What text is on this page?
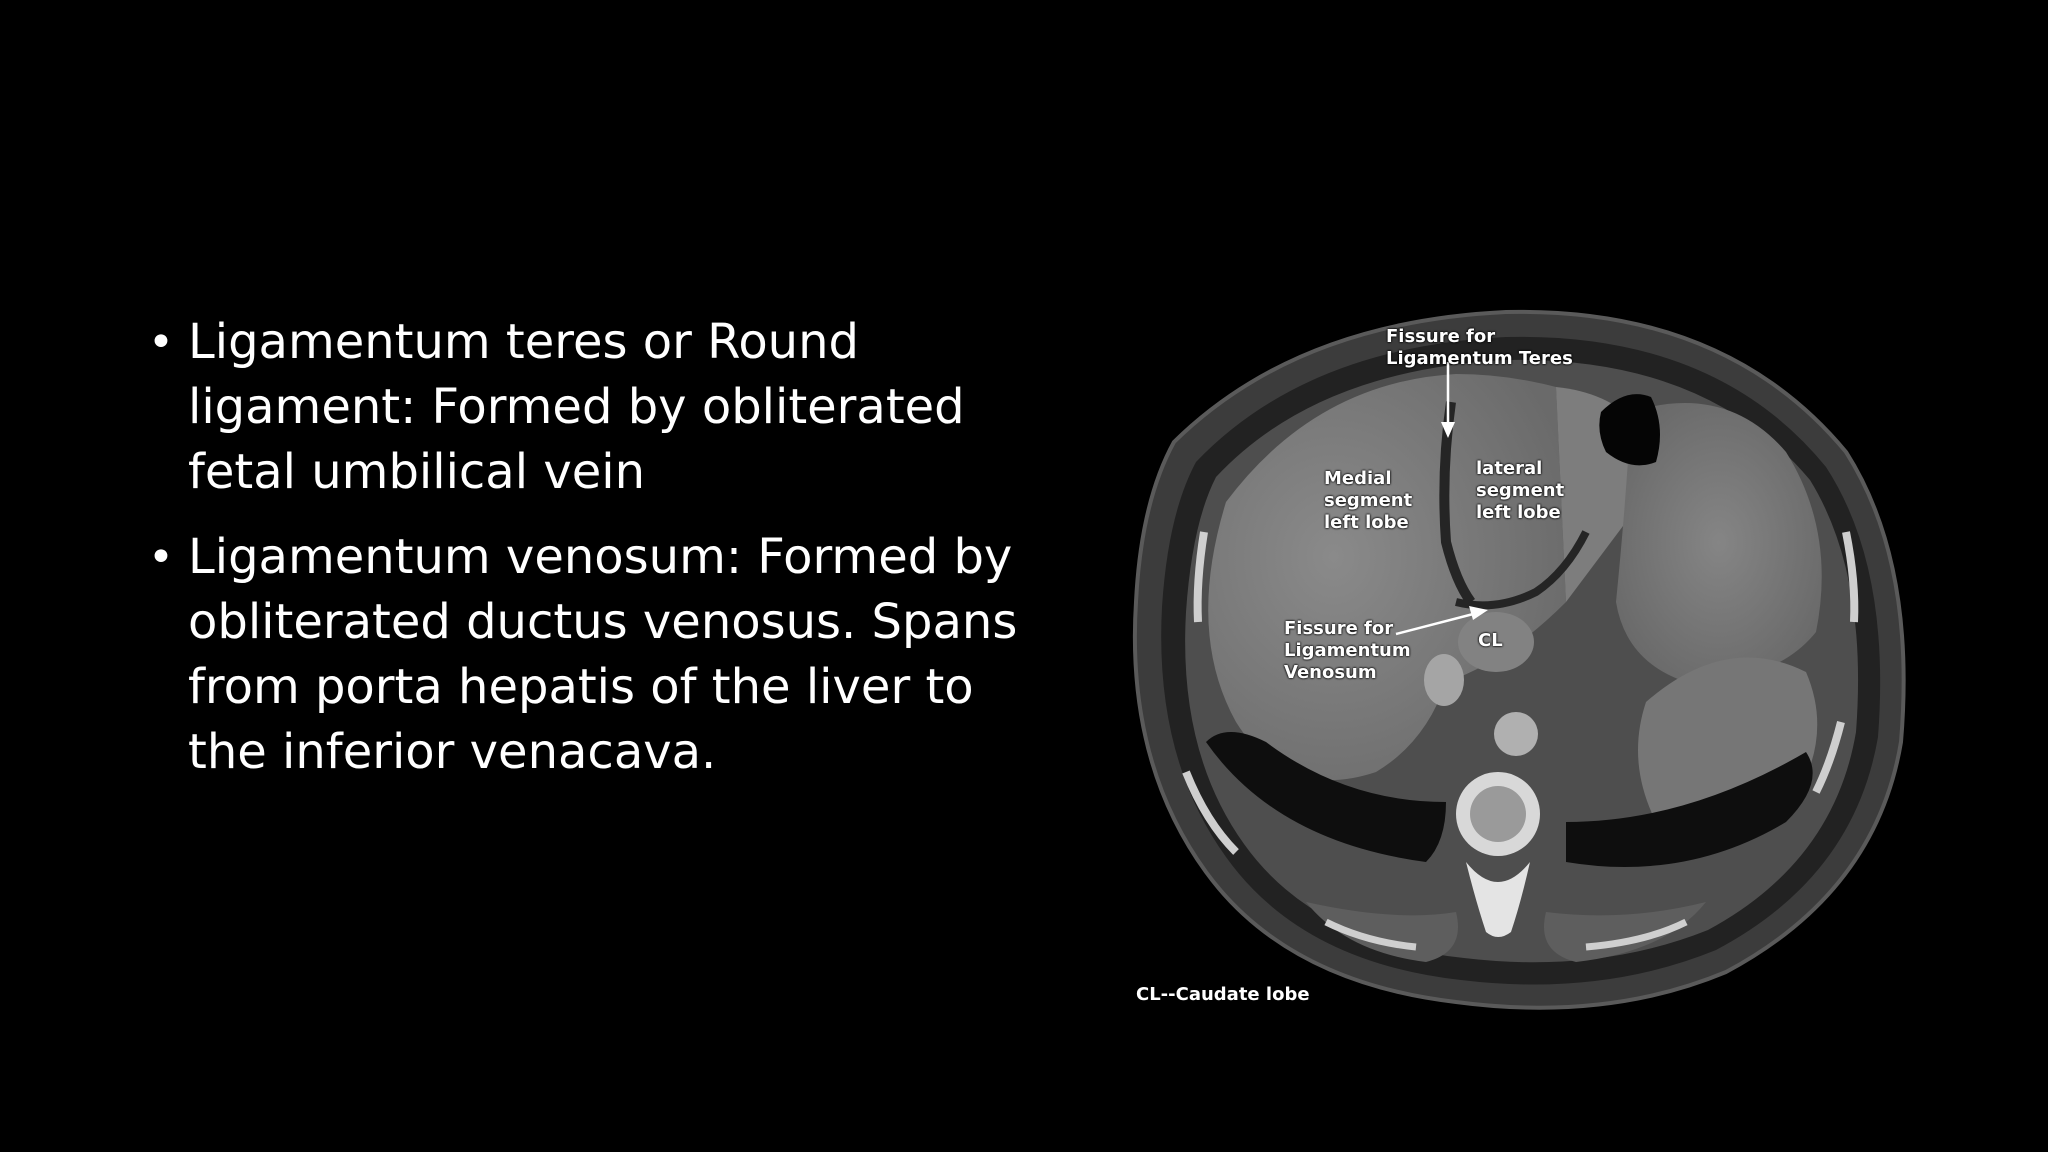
• Ligamentum teres or Round ligament: Formed by obliterated fetal umbilical vein
• Ligamentum venosum: Formed by obliterated ductus venosus. Spans from porta hepatis of the liver to the inferior venacava.
Fissure for
Ligamentum Teres
Medial
segment
left lobe
lateral
segment
left lobe
Fissure for
Ligamentum
Venosum
CL
CL--Caudate lobe
